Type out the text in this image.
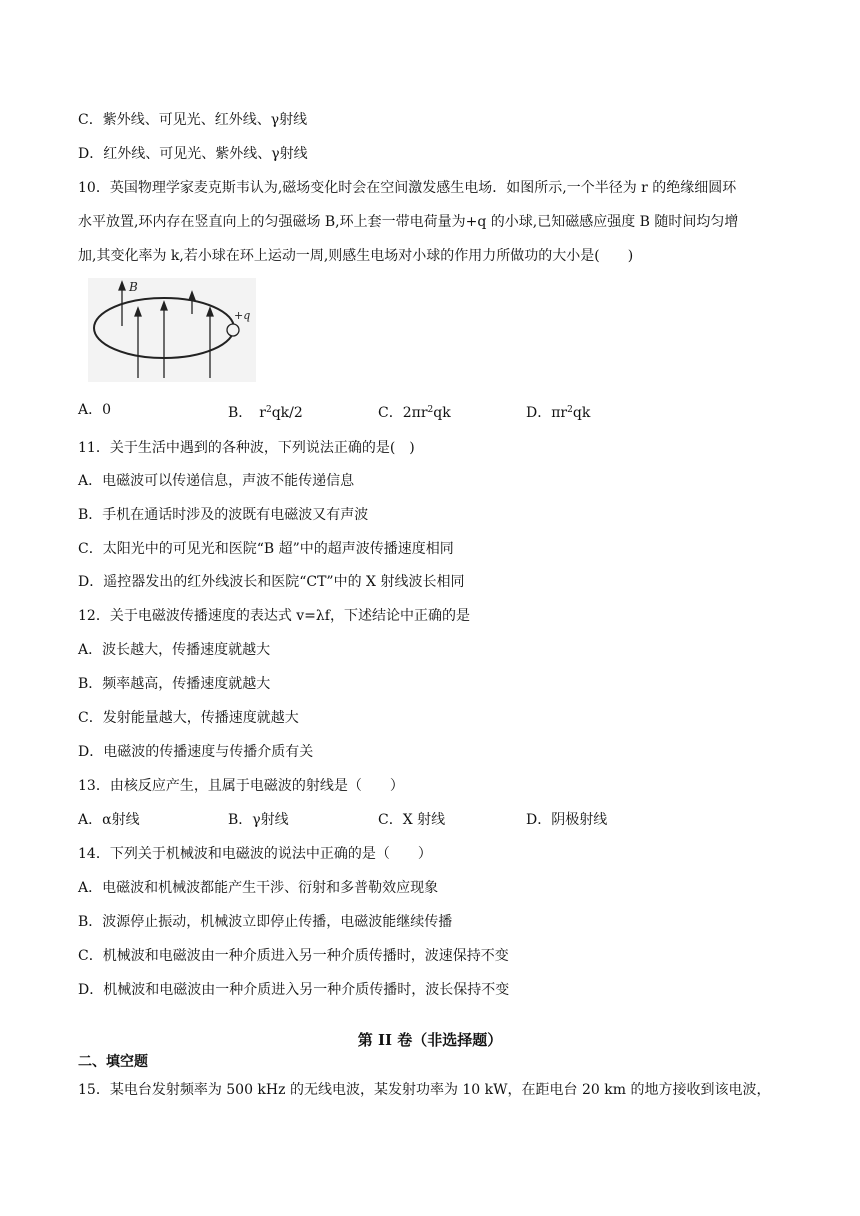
C．紫外线、可见光、红外线、γ射线
D．红外线、可见光、紫外线、γ射线
10．英国物理学家麦克斯韦认为,磁场变化时会在空间激发感生电场．如图所示,一个半径为 r 的绝缘细圆环
水平放置,环内存在竖直向上的匀强磁场 B,环上套一带电荷量为+q 的小球,已知磁感应强度 B 随时间均匀增
加,其变化率为 k,若小球在环上运动一周,则感生电场对小球的作用力所做功的大小是(　　)
B
+q
A．0	B．　$r^2qk/2$	C．$2\pi r^2qk$	D．$\pi r^2qk$
11．关于生活中遇到的各种波，下列说法正确的是(　)
A．电磁波可以传递信息，声波不能传递信息
B．手机在通话时涉及的波既有电磁波又有声波
C．太阳光中的可见光和医院“B 超”中的超声波传播速度相同
D．遥控器发出的红外线波长和医院“CT”中的 X 射线波长相同
12．关于电磁波传播速度的表达式 v=λf，下述结论中正确的是
A．波长越大，传播速度就越大
B．频率越高，传播速度就越大
C．发射能量越大，传播速度就越大
D．电磁波的传播速度与传播介质有关
13．由核反应产生，且属于电磁波的射线是（　　）
A．α射线	B．γ射线	C．X 射线	D．阴极射线
14．下列关于机械波和电磁波的说法中正确的是（　　）
A．电磁波和机械波都能产生干涉、衍射和多普勒效应现象
B．波源停止振动，机械波立即停止传播，电磁波能继续传播
C．机械波和电磁波由一种介质进入另一种介质传播时，波速保持不变
D．机械波和电磁波由一种介质进入另一种介质传播时，波长保持不变
第 II 卷（非选择题）
二、填空题
15．某电台发射频率为 500 kHz 的无线电波，某发射功率为 10 kW，在距电台 20 km 的地方接收到该电波，
